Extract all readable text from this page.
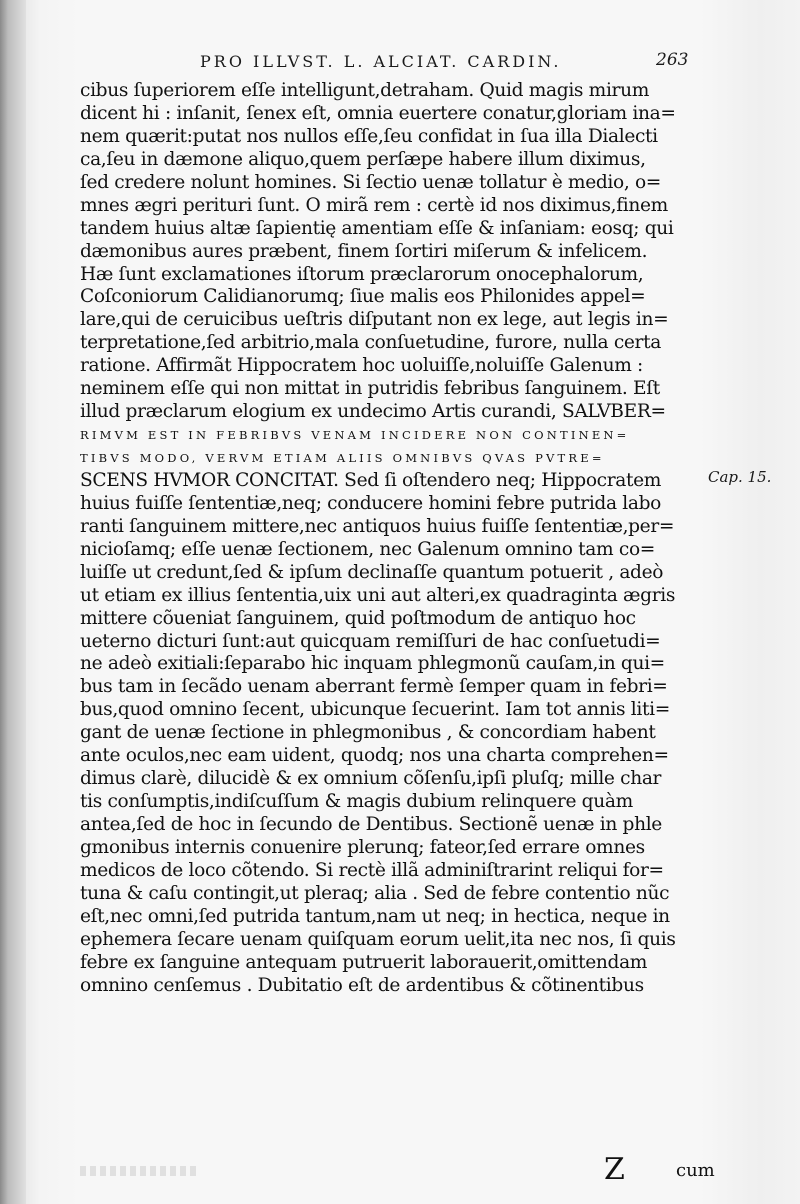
PRO ILLVST. L. ALCIAT. CARDIN.	263
cibus ſuperiorem eſſe intelligunt,detraham. Quid magis mirum
dicent hi : inſanit, ſenex eſt, omnia euertere conatur,gloriam ina=
nem quærit:putat nos nullos eſſe,ſeu confidat in ſua illa Dialecti
ca,ſeu in dæmone aliquo,quem perſæpe habere illum diximus,
ſed credere nolunt homines. Si ſectio uenæ tollatur è medio, o=
mnes ægri perituri ſunt. O mirã rem : certè id nos diximus,finem
tandem huius altæ ſapientię amentiam eſſe & inſaniam: eosq; qui
dæmonibus aures præbent, finem ſortiri miſerum & infelicem.
Hæ ſunt exclamationes iſtorum præclarorum onocephalorum,
Coſconiorum Calidianorumq; ſiue malis eos Philonides appel=
lare,qui de ceruicibus ueſtris diſputant non ex lege, aut legis in=
terpretatione,ſed arbitrio,mala conſuetudine, furore, nulla certa
ratione. Affirmãt Hippocratem hoc uoluiſſe,noluiſſe Galenum :
neminem eſſe qui non mittat in putridis febribus ſanguinem. Eſt
illud præclarum elogium ex undecimo Artis curandi, SALVBER=
RIMVM EST IN FEBRIBVS VENAM INCIDERE NON CONTINEN=
TIBVS MODO, VERVM ETIAM ALIIS OMNIBVS QVAS PVTRE=
SCENS HVMOR CONCITAT. Sed ſi oſtendero neq; Hippocratem
huius fuiſſe ſententiæ,neq; conducere homini febre putrida labo
ranti ſanguinem mittere,nec antiquos huius fuiſſe ſententiæ,per=
nicioſamq; eſſe uenæ ſectionem, nec Galenum omnino tam co=
luiſſe ut credunt,ſed & ipſum declinaſſe quantum potuerit , adeò
ut etiam ex illius ſententia,uix uni aut alteri,ex quadraginta ægris
mittere cõueniat ſanguinem, quid poſtmodum de antiquo hoc
ueterno dicturi ſunt:aut quicquam remiſſuri de hac conſuetudi=
ne adeò exitiali:ſeparabo hic inquam phlegmonũ cauſam,in qui=
bus tam in ſecãdo uenam aberrant fermè ſemper quam in febri=
bus,quod omnino ſecent, ubicunque ſecuerint. Iam tot annis liti=
gant de uenæ ſectione in phlegmonibus , & concordiam habent
ante oculos,nec eam uident, quodq; nos una charta comprehen=
dimus clarè, dilucidè & ex omnium cõſenſu,ipſi pluſq; mille char
tis conſumptis,indiſcuſſum & magis dubium relinquere quàm
antea,ſed de hoc in ſecundo de Dentibus. Sectionẽ uenæ in phle
gmonibus internis conuenire plerunq; fateor,ſed errare omnes
medicos de loco cõtendo. Si rectè illã adminiſtrarint reliqui for=
tuna & caſu contingit,ut pleraq; alia . Sed de febre contentio nũc
eſt,nec omni,ſed putrida tantum,nam ut neq; in hectica, neque in
ephemera ſecare uenam quiſquam eorum uelit,ita nec nos, ſi quis
febre ex ſanguine antequam putruerit laborauerit,omittendam
omnino cenſemus . Dubitatio eſt de ardentibus & cõtinentibus
Cap. 15.
Z	cum
